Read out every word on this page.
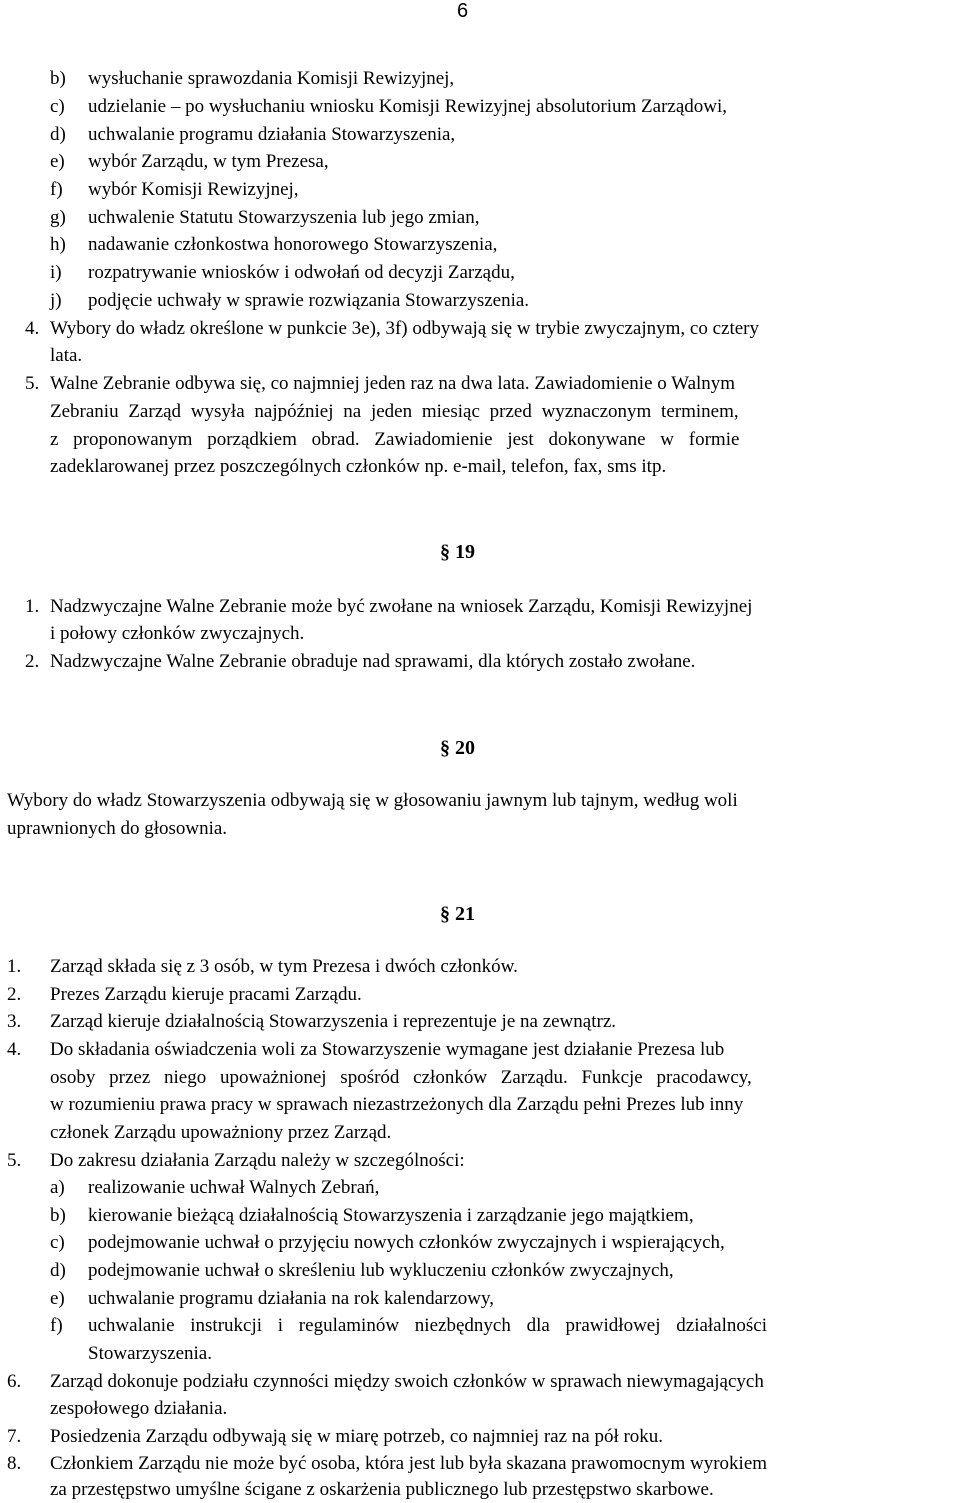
6
b) wysłuchanie sprawozdania Komisji Rewizyjnej,
c) udzielanie – po wysłuchaniu wniosku Komisji Rewizyjnej absolutorium Zarządowi,
d) uchwalanie programu działania Stowarzyszenia,
e) wybór Zarządu, w tym Prezesa,
f) wybór Komisji Rewizyjnej,
g) uchwalenie Statutu Stowarzyszenia lub jego zmian,
h) nadawanie członkostwa honorowego Stowarzyszenia,
i) rozpatrywanie wniosków i odwołań od decyzji Zarządu,
j) podjęcie uchwały w sprawie rozwiązania Stowarzyszenia.
4. Wybory do władz określone w punkcie 3e), 3f) odbywają się w trybie zwyczajnym, co cztery
lata.
5. Walne Zebranie odbywa się, co najmniej jeden raz na dwa lata. Zawiadomienie o Walnym
Zebraniu Zarząd wysyła najpóźniej na jeden miesiąc przed wyznaczonym terminem,
z proponowanym porządkiem obrad. Zawiadomienie jest dokonywane w formie
zadeklarowanej przez poszczególnych członków np. e-mail, telefon, fax, sms itp.
§ 19
1. Nadzwyczajne Walne Zebranie może być zwołane na wniosek Zarządu, Komisji Rewizyjnej
i połowy członków zwyczajnych.
2. Nadzwyczajne Walne Zebranie obraduje nad sprawami, dla których zostało zwołane.
§ 20
Wybory do władz Stowarzyszenia odbywają się w głosowaniu jawnym lub tajnym, według woli
uprawnionych do głosownia.
§ 21
1. Zarząd składa się z 3 osób, w tym Prezesa i dwóch członków.
2. Prezes Zarządu kieruje pracami Zarządu.
3. Zarząd kieruje działalnością Stowarzyszenia i reprezentuje je na zewnątrz.
4. Do składania oświadczenia woli za Stowarzyszenie wymagane jest działanie Prezesa lub
osoby przez niego upoważnionej spośród członków Zarządu. Funkcje pracodawcy,
w rozumieniu prawa pracy w sprawach niezastrzeżonych dla Zarządu pełni Prezes lub inny
członek Zarządu upoważniony przez Zarząd.
5. Do zakresu działania Zarządu należy w szczególności:
a) realizowanie uchwał Walnych Zebrań,
b) kierowanie bieżącą działalnością Stowarzyszenia i zarządzanie jego majątkiem,
c) podejmowanie uchwał o przyjęciu nowych członków zwyczajnych i wspierających,
d) podejmowanie uchwał o skreśleniu lub wykluczeniu członków zwyczajnych,
e) uchwalanie programu działania na rok kalendarzowy,
f) uchwalanie instrukcji i regulaminów niezbędnych dla prawidłowej działalności
Stowarzyszenia.
6. Zarząd dokonuje podziału czynności między swoich członków w sprawach niewymagających
zespołowego działania.
7. Posiedzenia Zarządu odbywają się w miarę potrzeb, co najmniej raz na pół roku.
8. Członkiem Zarządu nie może być osoba, która jest lub była skazana prawomocnym wyrokiem
za przestępstwo umyślne ścigane z oskarżenia publicznego lub przestępstwo skarbowe.
